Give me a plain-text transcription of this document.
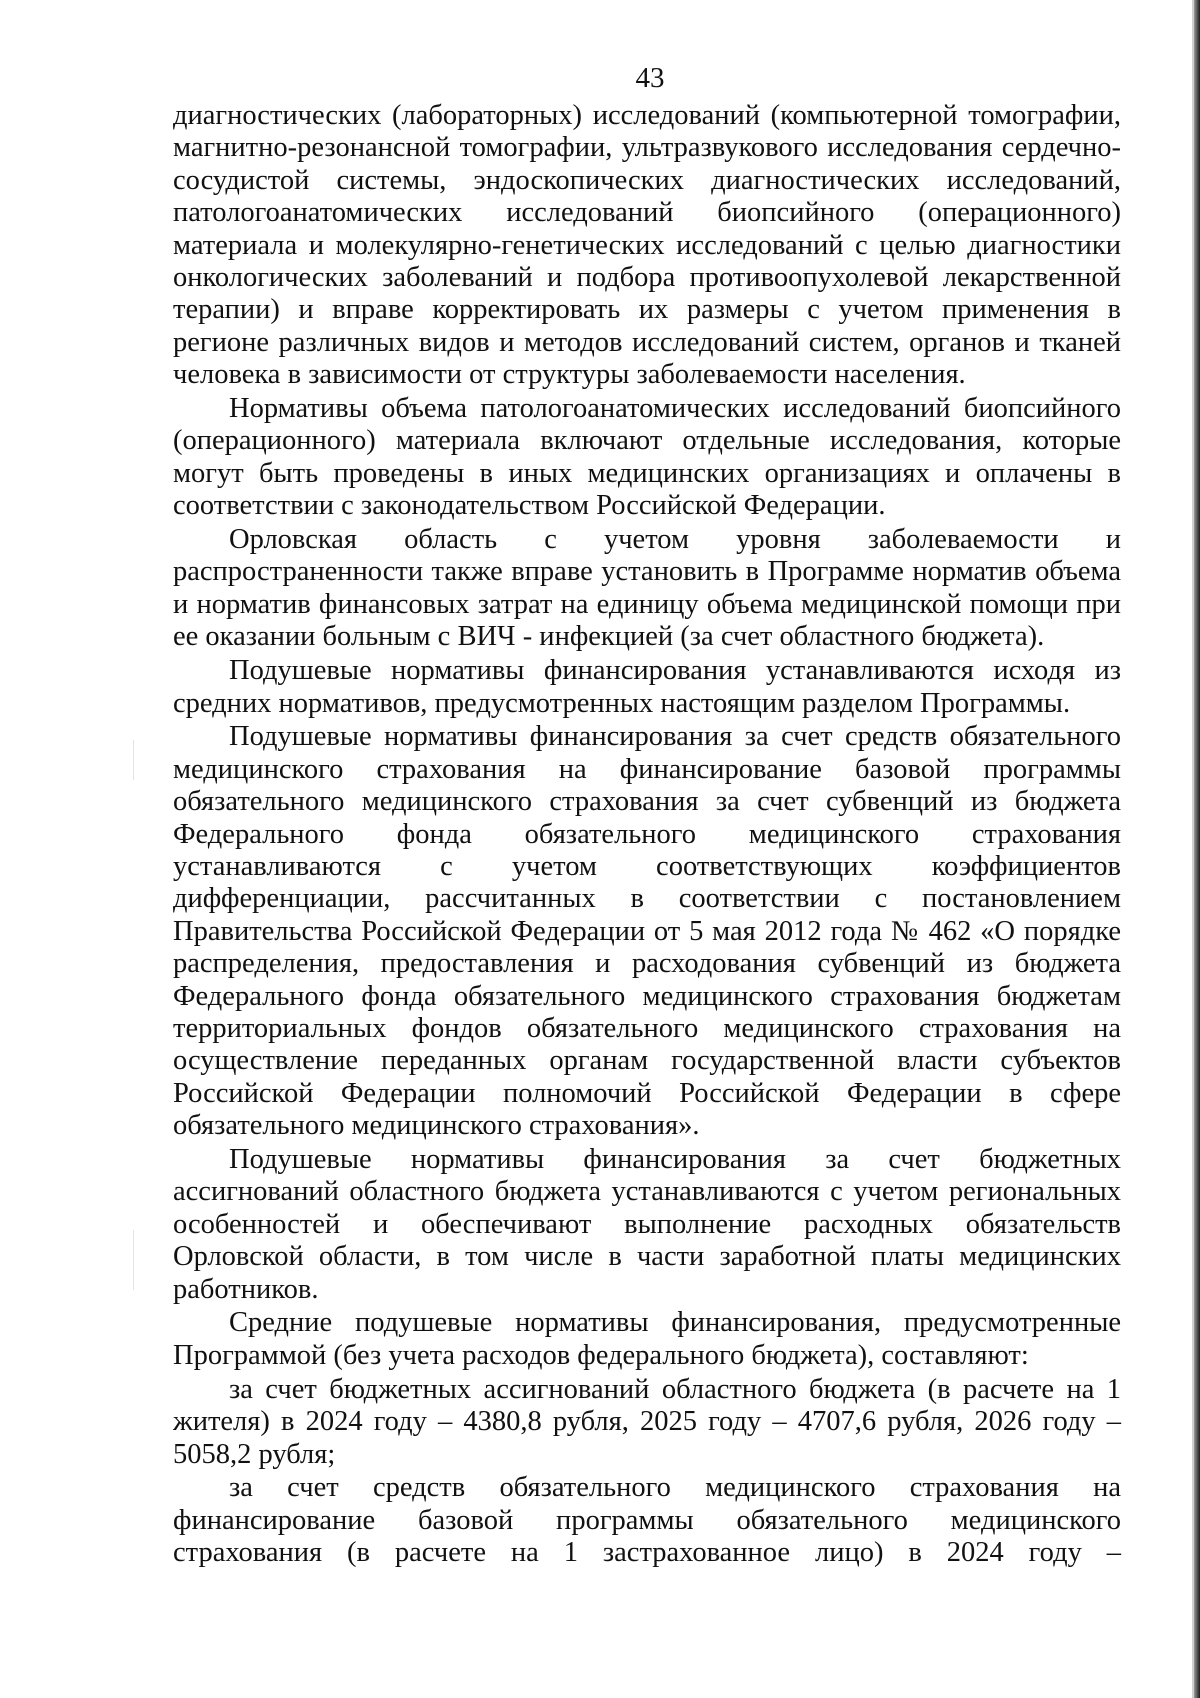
43
диагностических (лабораторных) исследований (компьютерной томографии,
магнитно-резонансной томографии, ультразвукового исследования сердечно-
сосудистой системы, эндоскопических диагностических исследований,
патологоанатомических исследований биопсийного (операционного)
материала и молекулярно-генетических исследований с целью диагностики
онкологических заболеваний и подбора противоопухолевой лекарственной
терапии) и вправе корректировать их размеры с учетом применения в
регионе различных видов и методов исследований систем, органов и тканей
человека в зависимости от структуры заболеваемости населения.
Нормативы объема патологоанатомических исследований биопсийного
(операционного) материала включают отдельные исследования, которые
могут быть проведены в иных медицинских организациях и оплачены в
соответствии с законодательством Российской Федерации.
Орловская область с учетом уровня заболеваемости и
распространенности также вправе установить в Программе норматив объема
и норматив финансовых затрат на единицу объема медицинской помощи при
ее оказании больным с ВИЧ - инфекцией (за счет областного бюджета).
Подушевые нормативы финансирования устанавливаются исходя из
средних нормативов, предусмотренных настоящим разделом Программы.
Подушевые нормативы финансирования за счет средств обязательного
медицинского страхования на финансирование базовой программы
обязательного медицинского страхования за счет субвенций из бюджета
Федерального фонда обязательного медицинского страхования
устанавливаются с учетом соответствующих коэффициентов
дифференциации, рассчитанных в соответствии с постановлением
Правительства Российской Федерации от 5 мая 2012 года № 462 «О порядке
распределения, предоставления и расходования субвенций из бюджета
Федерального фонда обязательного медицинского страхования бюджетам
территориальных фондов обязательного медицинского страхования на
осуществление переданных органам государственной власти субъектов
Российской Федерации полномочий Российской Федерации в сфере
обязательного медицинского страхования».
Подушевые нормативы финансирования за счет бюджетных
ассигнований областного бюджета устанавливаются с учетом региональных
особенностей и обеспечивают выполнение расходных обязательств
Орловской области, в том числе в части заработной платы медицинских
работников.
Средние подушевые нормативы финансирования, предусмотренные
Программой (без учета расходов федерального бюджета), составляют:
за счет бюджетных ассигнований областного бюджета (в расчете на 1
жителя) в 2024 году – 4380,8 рубля, 2025 году – 4707,6 рубля, 2026 году –
5058,2 рубля;
за счет средств обязательного медицинского страхования на
финансирование базовой программы обязательного медицинского
страхования (в расчете на 1 застрахованное лицо) в 2024 году –
